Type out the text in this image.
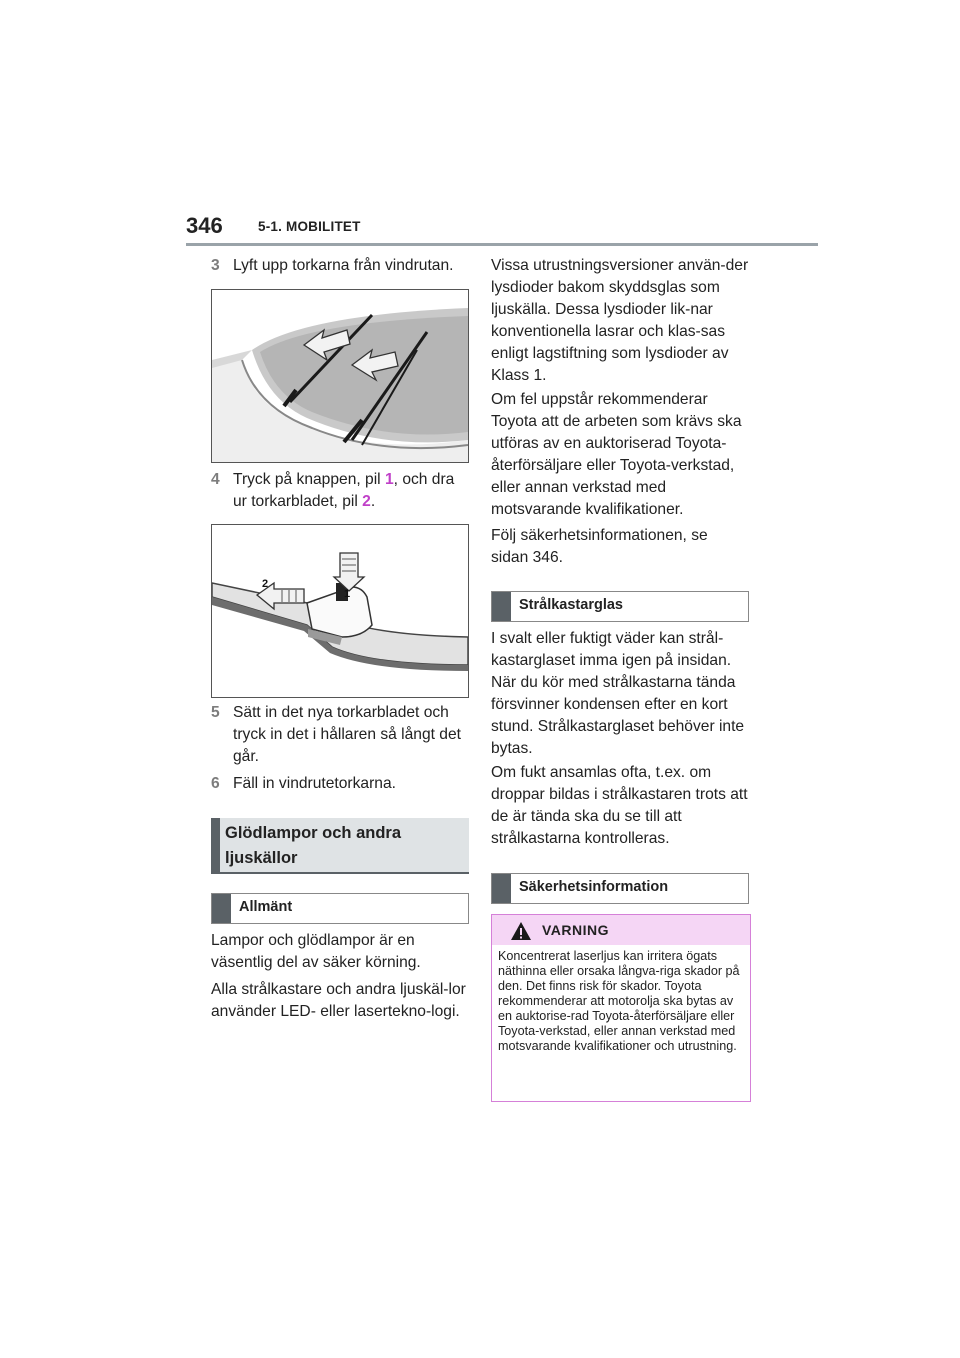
346	5-1. MOBILITET
3 Lyft upp torkarna från vindrutan.
4 Tryck på knappen, pil 1, och dra ur torkarbladet, pil 2.
1
2
5 Sätt in det nya torkarbladet och tryck in det i hållaren så långt det går.
6 Fäll in vindrutetorkarna.
Glödlampor och andra ljuskällor
Allmänt
Lampor och glödlampor är en väsentlig del av säker körning.
Alla strålkastare och andra ljuskäl-lor använder LED- eller lasertekno-logi.
Vissa utrustningsversioner använ-der lysdioder bakom skyddsglas som ljuskälla. Dessa lysdioder lik-nar konventionella lasrar och klas-sas enligt lagstiftning som lysdioder av Klass 1.
Om fel uppstår rekommenderar Toyota att de arbeten som krävs ska utföras av en auktoriserad Toyota-återförsäljare eller Toyota-verkstad, eller annan verkstad med motsvarande kvalifikationer.
Följ säkerhetsinformationen, se sidan 346.
Strålkastarglas
I svalt eller fuktigt väder kan strål-kastarglaset imma igen på insidan. När du kör med strålkastarna tända försvinner kondensen efter en kort stund. Strålkastarglaset behöver inte bytas.
Om fukt ansamlas ofta, t.ex. om droppar bildas i strålkastaren trots att de är tända ska du se till att strålkastarna kontrolleras.
Säkerhetsinformation
VARNING
Koncentrerat laserljus kan irritera ögats näthinna eller orsaka långva-riga skador på den. Det finns risk för skador. Toyota rekommenderar att motorolja ska bytas av en auktorise-rad Toyota-återförsäljare eller Toyota-verkstad, eller annan verkstad med motsvarande kvalifikationer och utrustning.
